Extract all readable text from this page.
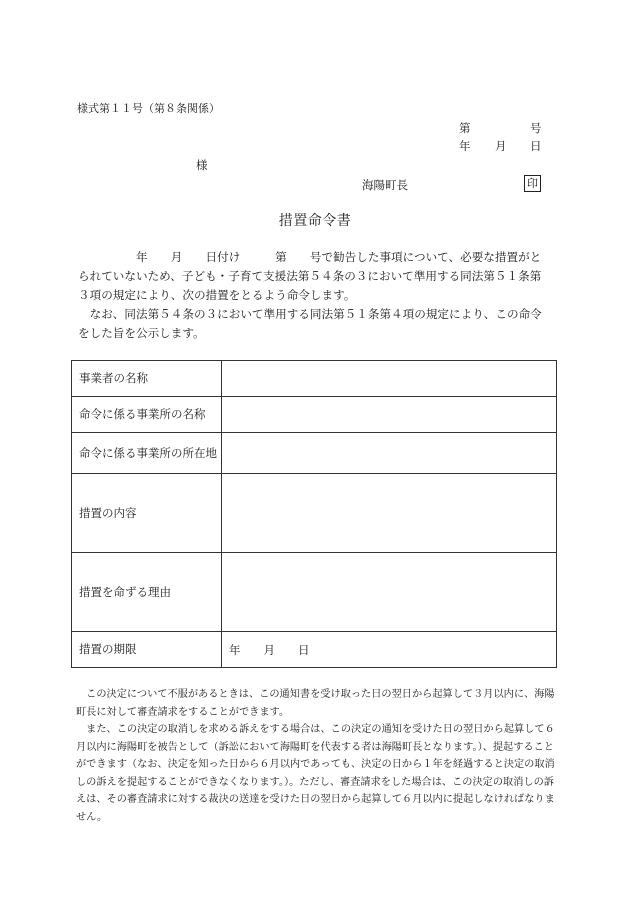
様式第１１号（第８条関係）
第	号
年 月 日
様
海陽町長	印
措置命令書

　　　　　年　　月　　日付け　　　第　　号で勧告した事項について、必要な措置がと

られていないため、子ども・子育て支援法第５４条の３において準用する同法第５１条第

３項の規定により、次の措置をとるよう命令します。

　なお、同法第５４条の３において準用する同法第５１条第４項の規定により、この命令

をした旨を公示します。

事業者の名称	
命令に係る事業所の名称	
命令に係る事業所の所在地	
措置の内容	
措置を命ずる理由	
措置の期限	年　　月　　日

　この決定について不服があるときは、この通知書を受け取った日の翌日から起算して３月以内に、海陽

町長に対して審査請求をすることができます。

　また、この決定の取消しを求める訴えをする場合は、この決定の通知を受けた日の翌日から起算して６

月以内に海陽町を被告として（訴訟において海陽町を代表する者は海陽町長となります。）、提起すること

ができます（なお、決定を知った日から６月以内であっても、決定の日から１年を経過すると決定の取消

しの訴えを提起することができなくなります。）。ただし、審査請求をした場合は、この決定の取消しの訴

えは、その審査請求に対する裁決の送達を受けた日の翌日から起算して６月以内に提起しなければなりま

せん。
